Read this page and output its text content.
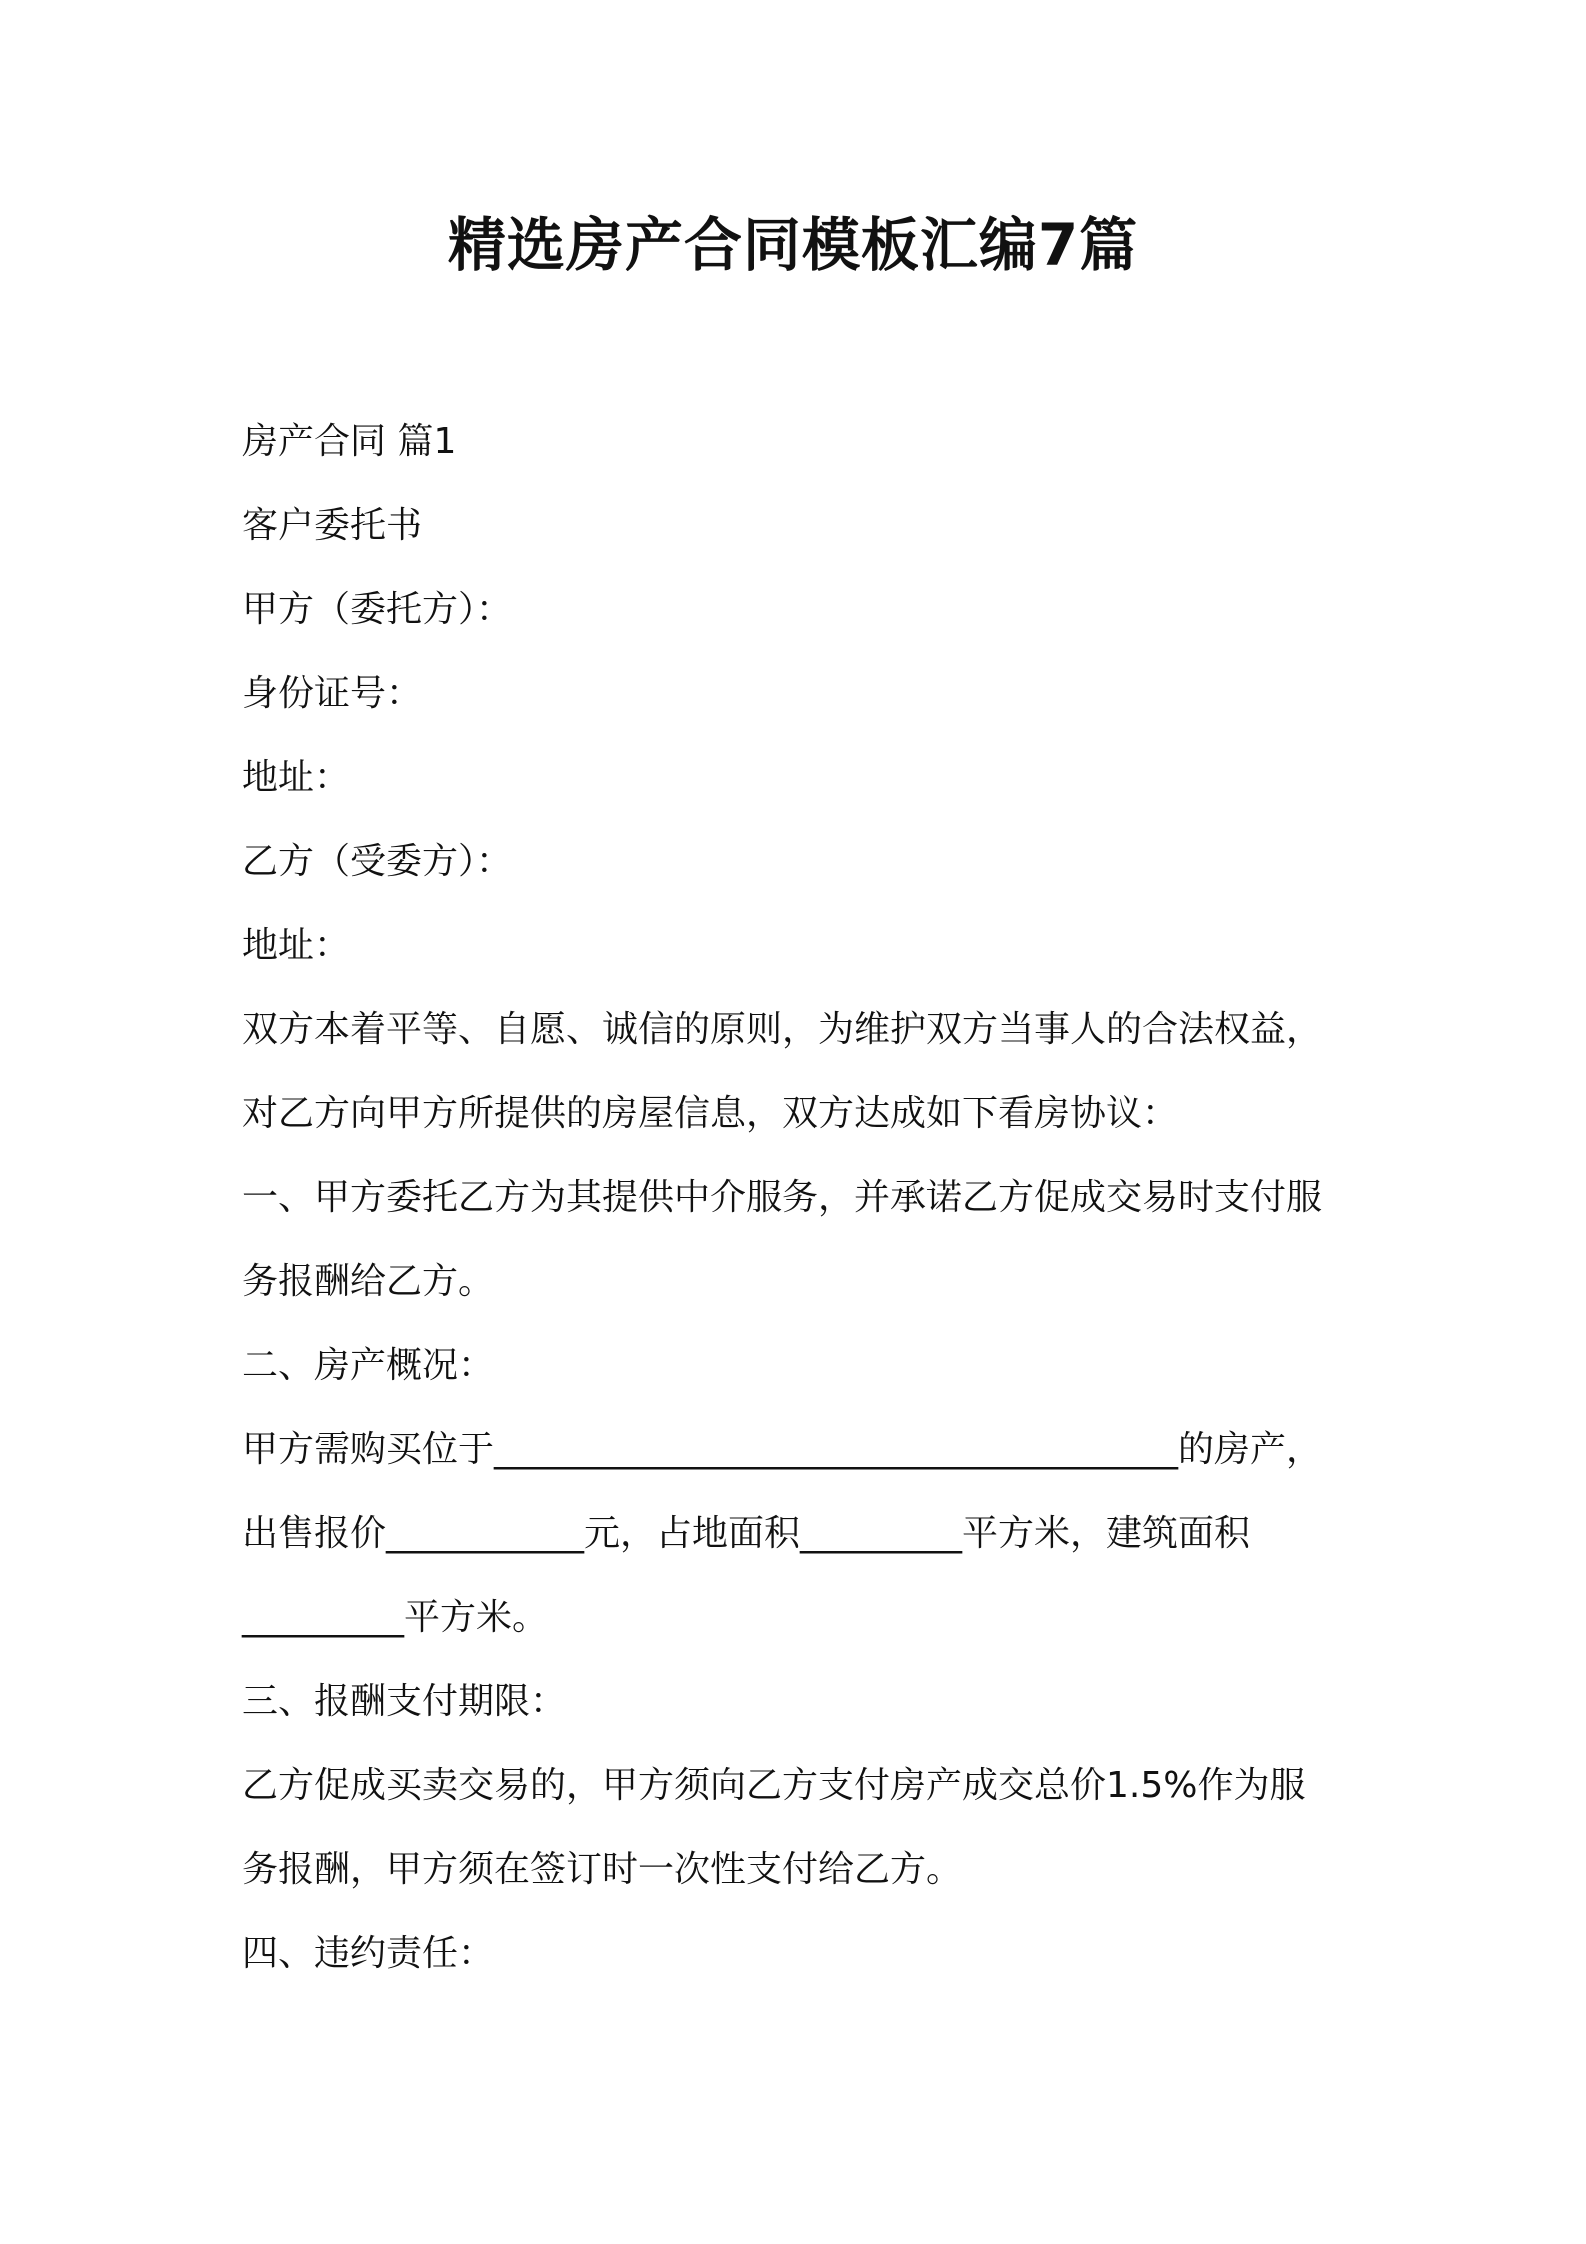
精选房产合同模板汇编7篇
房产合同 篇1
客户委托书
甲方（委托方）：
身份证号：
地址：
乙方（受委方）：
地址：
双方本着平等、自愿、诚信的原则，为维护双方当事人的合法权益，
对乙方向甲方所提供的房屋信息，双方达成如下看房协议：
一、甲方委托乙方为其提供中介服务，并承诺乙方促成交易时支付服
务报酬给乙方。
二、房产概况：
甲方需购买位于______________________________________的房产，
出售报价___________元，占地面积_________平方米，建筑面积
_________平方米。
三、报酬支付期限：
乙方促成买卖交易的，甲方须向乙方支付房产成交总价1.5%作为服
务报酬，甲方须在签订时一次性支付给乙方。
四、违约责任：
